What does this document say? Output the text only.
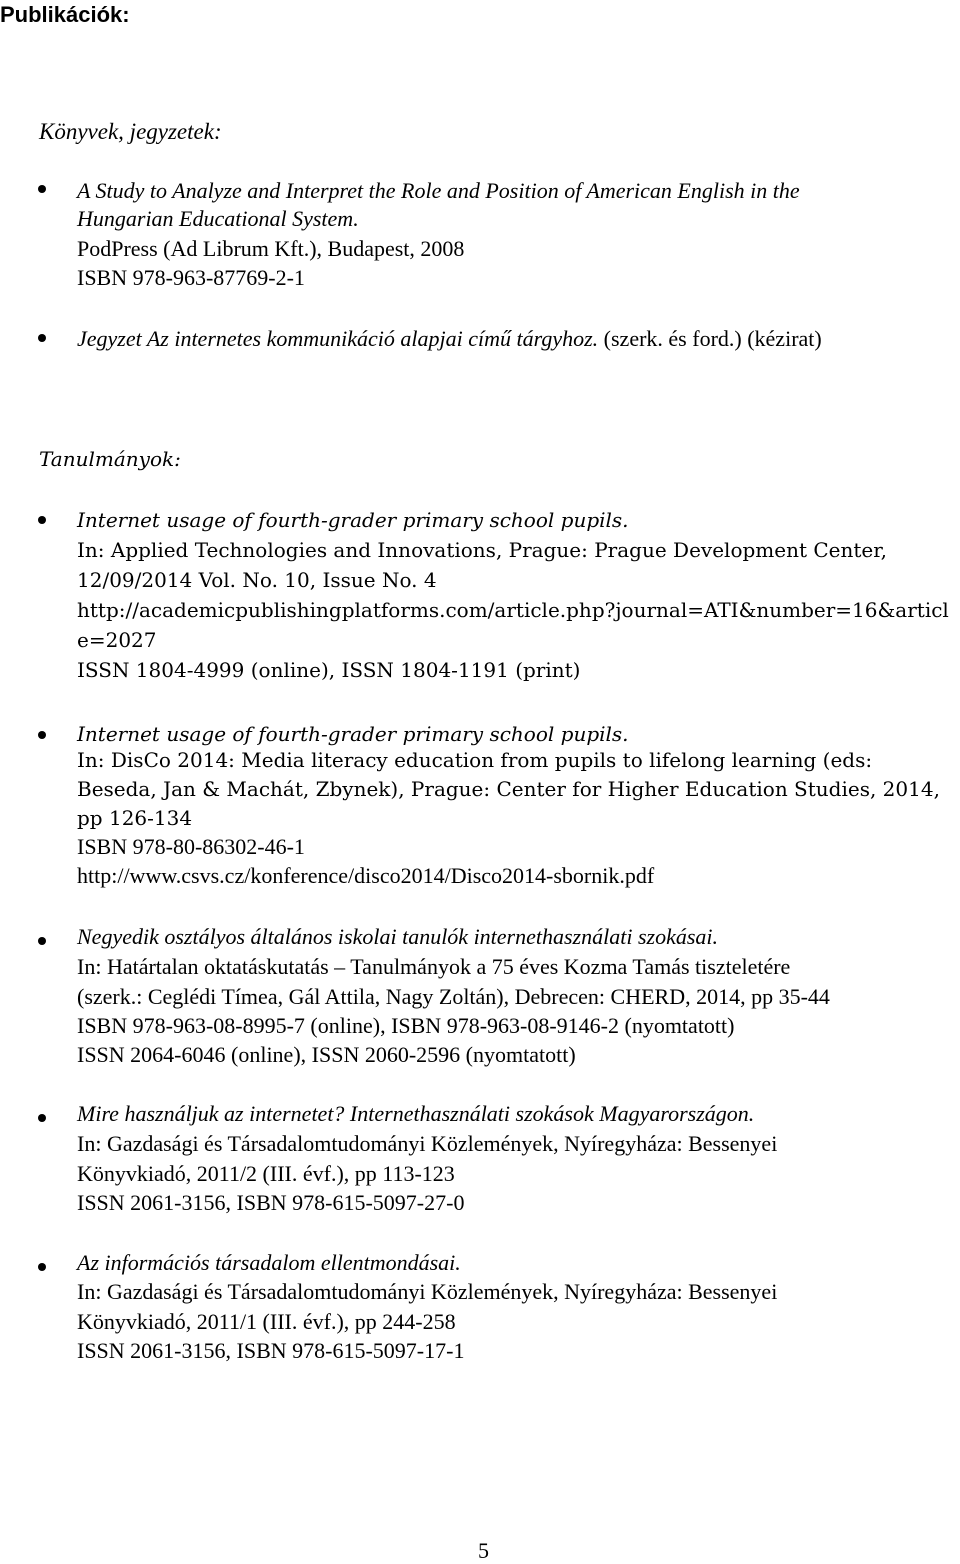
Publikációk:
Könyvek, jegyzetek:
A Study to Analyze and Interpret the Role and Position of American English in the
Hungarian Educational System.
PodPress (Ad Librum Kft.), Budapest, 2008
ISBN 978-963-87769-2-1
Jegyzet Az internetes kommunikáció alapjai című tárgyhoz. (szerk. és ford.) (kézirat)
Tanulmányok:
Internet usage of fourth-grader primary school pupils.
In: Applied Technologies and Innovations, Prague: Prague Development Center,
12/09/2014 Vol. No. 10, Issue No. 4
http://academicpublishingplatforms.com/article.php?journal=ATI&number=16&articl
e=2027
ISSN 1804-4999 (online), ISSN 1804-1191 (print)
Internet usage of fourth-grader primary school pupils.
In: DisCo 2014: Media literacy education from pupils to lifelong learning (eds:
Beseda, Jan & Machát, Zbynek), Prague: Center for Higher Education Studies, 2014,
pp 126-134
ISBN 978-80-86302-46-1
http://www.csvs.cz/konference/disco2014/Disco2014-sbornik.pdf
Negyedik osztályos általános iskolai tanulók internethasználati szokásai.
In: Határtalan oktatáskutatás – Tanulmányok a 75 éves Kozma Tamás tiszteletére
(szerk.: Ceglédi Tímea, Gál Attila, Nagy Zoltán), Debrecen: CHERD, 2014, pp 35-44
ISBN 978-963-08-8995-7 (online), ISBN 978-963-08-9146-2 (nyomtatott)
ISSN 2064-6046 (online), ISSN 2060-2596 (nyomtatott)
Mire használjuk az internetet? Internethasználati szokások Magyarországon.
In: Gazdasági és Társadalomtudományi Közlemények, Nyíregyháza: Bessenyei
Könyvkiadó, 2011/2 (III. évf.), pp 113-123
ISSN 2061-3156, ISBN 978-615-5097-27-0
Az információs társadalom ellentmondásai.
In: Gazdasági és Társadalomtudományi Közlemények, Nyíregyháza: Bessenyei
Könyvkiadó, 2011/1 (III. évf.), pp 244-258
ISSN 2061-3156, ISBN 978-615-5097-17-1
5
